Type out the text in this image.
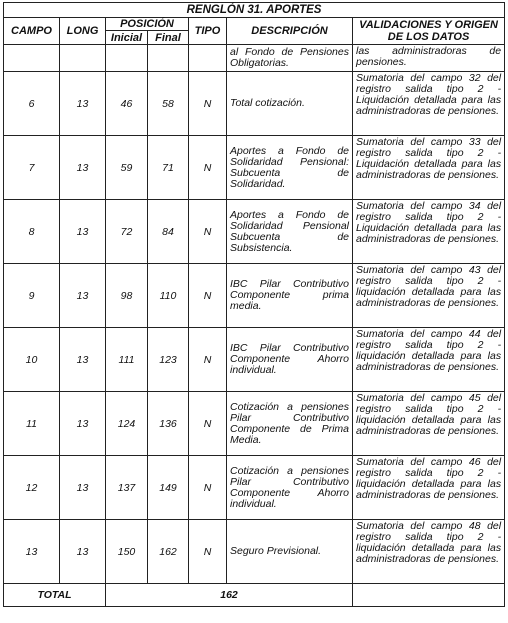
RENGLÓN 31. APORTES						
CAMPO	LONG	POSICIÓN		TIPO	DESCRIPCIÓN	VALIDACIONES Y ORIGEN DE LOS DATOS
		Inicial	Final			
					al Fondo de Pensiones Obligatorias.	las administradoras de pensiones.
6	13	46	58	N	Total cotización.	Sumatoria del campo 32 del registro salida tipo 2 - Liquidación detallada para las administradoras de pensiones.
7	13	59	71	N	Aportes a Fondo de Solidaridad Pensional: Subcuenta de Solidaridad.	Sumatoria del campo 33 del registro salida tipo 2 - Liquidación detallada para las administradoras de pensiones.
8	13	72	84	N	Aportes a Fondo de Solidaridad Pensional Subcuenta de Subsistencia.	Sumatoria del campo 34 del registro salida tipo 2 - Liquidación detallada para las administradoras de pensiones.
9	13	98	110	N	IBC Pilar Contributivo Componente prima media.	Sumatoria del campo 43 del registro salida tipo 2 - liquidación detallada para las administradoras de pensiones.
10	13	111	123	N	IBC Pilar Contributivo Componente Ahorro individual.	Sumatoria del campo 44 del registro salida tipo 2 - liquidación detallada para las administradoras de pensiones.
11	13	124	136	N	Cotización a pensiones Pilar Contributivo Componente de Prima Media.	Sumatoria del campo 45 del registro salida tipo 2 - liquidación detallada para las administradoras de pensiones.
12	13	137	149	N	Cotización a pensiones Pilar Contributivo Componente Ahorro individual.	Sumatoria del campo 46 del registro salida tipo 2 - liquidación detallada para las administradoras de pensiones.
13	13	150	162	N	Seguro Previsional.	Sumatoria del campo 48 del registro salida tipo 2 - liquidación detallada para las administradoras de pensiones.
TOTAL		162				
